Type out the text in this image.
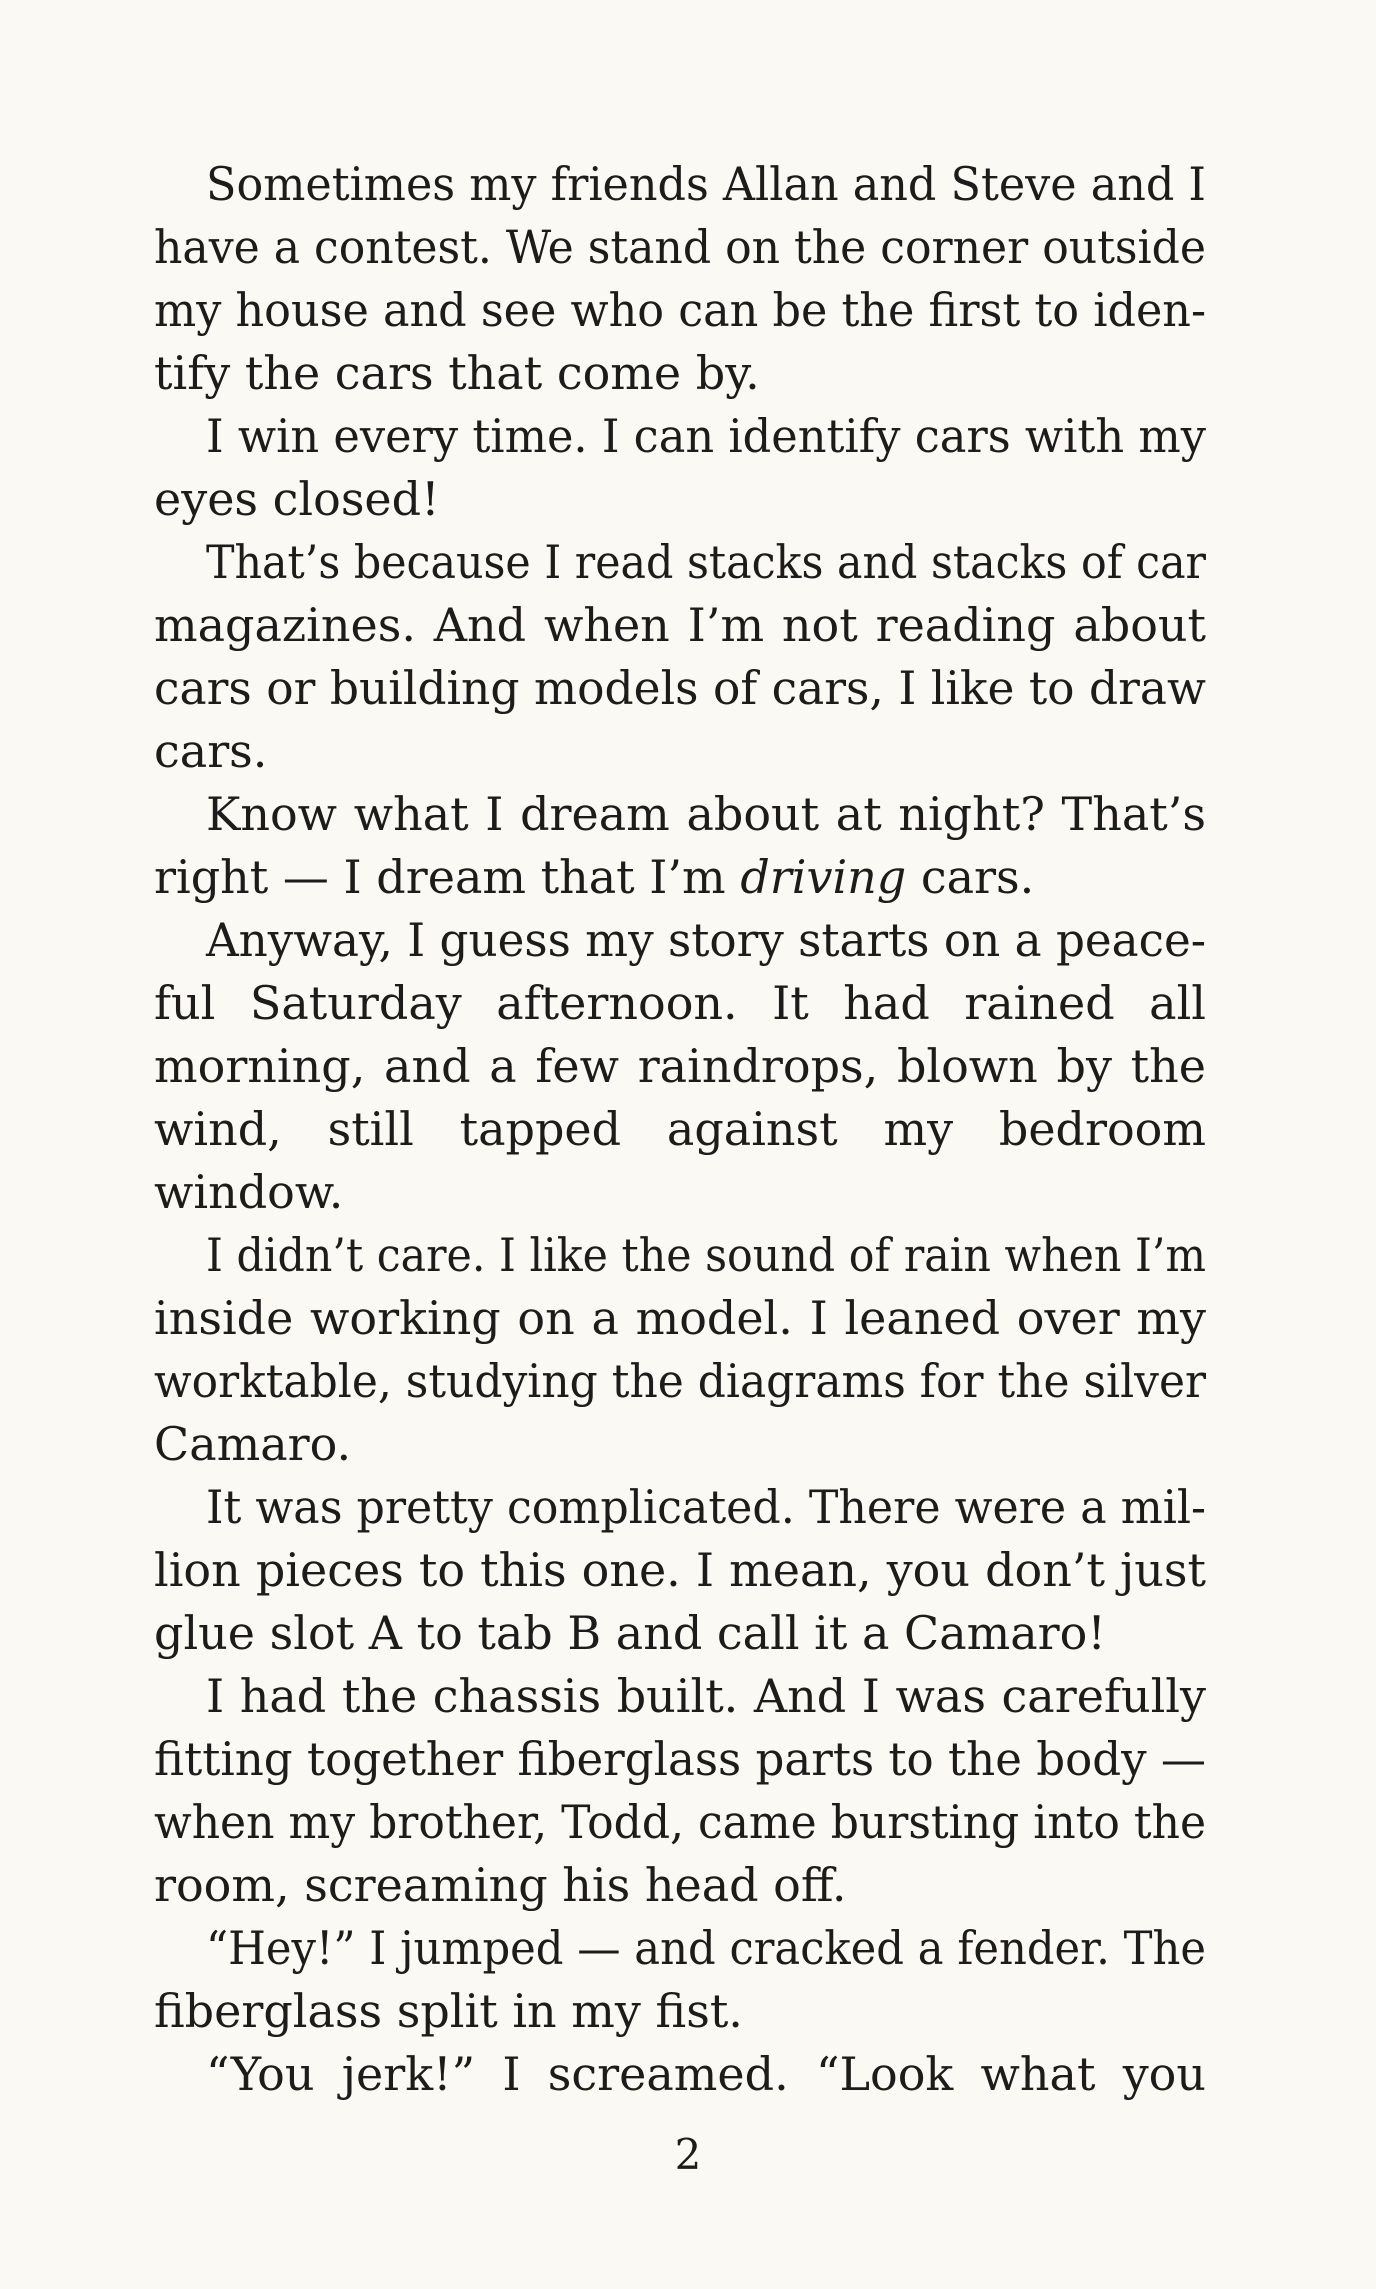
Sometimes my friends Allan and Steve and I
have a contest. We stand on the corner outside
my house and see who can be the first to iden-
tify the cars that come by.
I win every time. I can identify cars with my
eyes closed!
That’s because I read stacks and stacks of car
magazines. And when I’m not reading about
cars or building models of cars, I like to draw
cars.
Know what I dream about at night? That’s
right — I dream that I’m driving cars.
Anyway, I guess my story starts on a peace-
ful Saturday afternoon. It had rained all
morning, and a few raindrops, blown by the
wind, still tapped against my bedroom
window.
I didn’t care. I like the sound of rain when I’m
inside working on a model. I leaned over my
worktable, studying the diagrams for the silver
Camaro.
It was pretty complicated. There were a mil-
lion pieces to this one. I mean, you don’t just
glue slot A to tab B and call it a Camaro!
I had the chassis built. And I was carefully
fitting together fiberglass parts to the body —
when my brother, Todd, came bursting into the
room, screaming his head off.
“Hey!” I jumped — and cracked a fender. The
fiberglass split in my fist.
“You jerk!” I screamed. “Look what you
2
